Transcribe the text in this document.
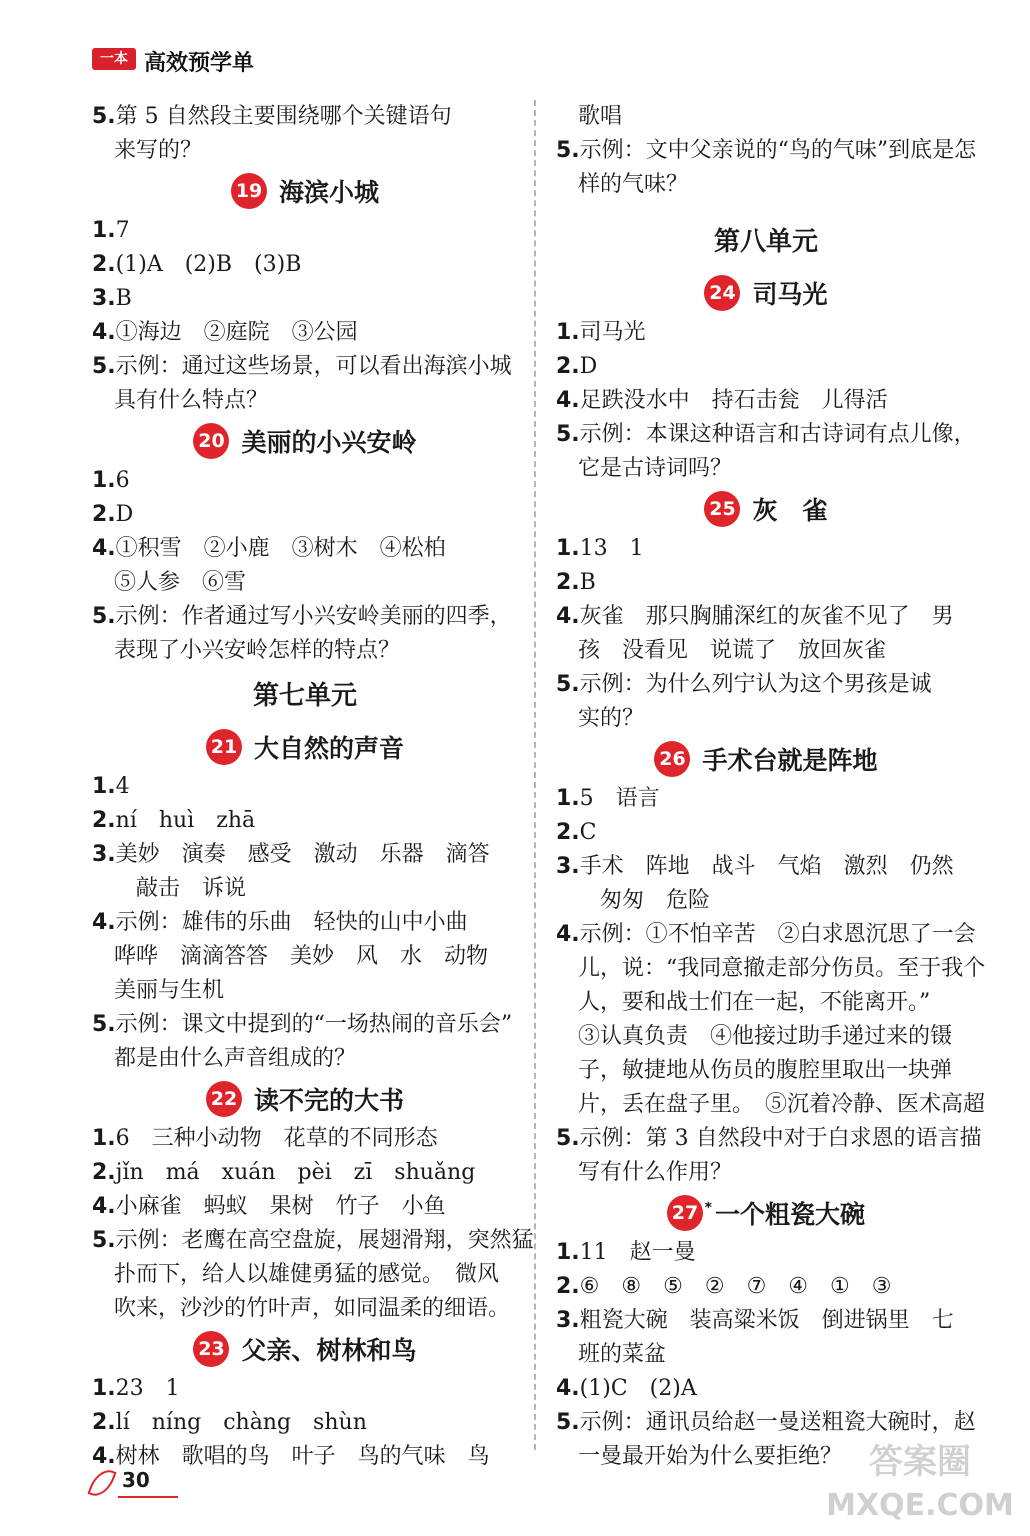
一本 高效预学单
5.第 5 自然段主要围绕哪个关键语句
来写的？
19 海滨小城
1.7
2.(1)A　(2)B　(3)B
3.B
4.①海边　②庭院　③公园
5.示例：通过这些场景，可以看出海滨小城
具有什么特点？
20 美丽的小兴安岭
1.6
2.D
4.①积雪　②小鹿　③树木　④松柏
⑤人参　⑥雪
5.示例：作者通过写小兴安岭美丽的四季，
表现了小兴安岭怎样的特点？
第七单元
21 大自然的声音
1.4
2.ní　huì　zhā
3.美妙　演奏　感受　激动　乐器　滴答
敲击　诉说
4.示例：雄伟的乐曲　轻快的山中小曲
哗哗　滴滴答答　美妙　风　水　动物
美丽与生机
5.示例：课文中提到的“一场热闹的音乐会”
都是由什么声音组成的？
22 读不完的大书
1.6　三种小动物　花草的不同形态
2.jǐn　má　xuán　pèi　zī　shuǎng
4.小麻雀　蚂蚁　果树　竹子　小鱼
5.示例：老鹰在高空盘旋，展翅滑翔，突然猛
扑而下，给人以雄健勇猛的感觉。　微风
吹来，沙沙的竹叶声，如同温柔的细语。
23 父亲、树林和鸟
1.23　1
2.lí　níng　chàng　shùn
4.树林　歌唱的鸟　叶子　鸟的气味　鸟
歌唱
5.示例：文中父亲说的“鸟的气味”到底是怎
样的气味？
第八单元
24 司马光
1.司马光
2.D
4.足跌没水中　持石击瓮　儿得活
5.示例：本课这种语言和古诗词有点儿像，
它是古诗词吗？
25 灰　雀
1.13　1
2.B
4.灰雀　那只胸脯深红的灰雀不见了　男
孩　没看见　说谎了　放回灰雀
5.示例：为什么列宁认为这个男孩是诚
实的？
26 手术台就是阵地
1.5　语言
2.C
3.手术　阵地　战斗　气焰　激烈　仍然
匆匆　危险
4.示例：①不怕辛苦　②白求恩沉思了一会
儿，说：“我同意撤走部分伤员。至于我个
人，要和战士们在一起，不能离开。”
③认真负责　④他接过助手递过来的镊
子，敏捷地从伤员的腹腔里取出一块弹
片，丢在盘子里。　⑤沉着冷静、医术高超
5.示例：第 3 自然段中对于白求恩的语言描
写有什么作用？
27 * 一个粗瓷大碗
1.11　赵一曼
2.⑥　⑧　⑤　②　⑦　④　①　③
3.粗瓷大碗　装高粱米饭　倒进锅里　七
班的菜盆
4.(1)C　(2)A
5.示例：通讯员给赵一曼送粗瓷大碗时，赵
一曼最开始为什么要拒绝？
30	答案圈
MXQE.COM
